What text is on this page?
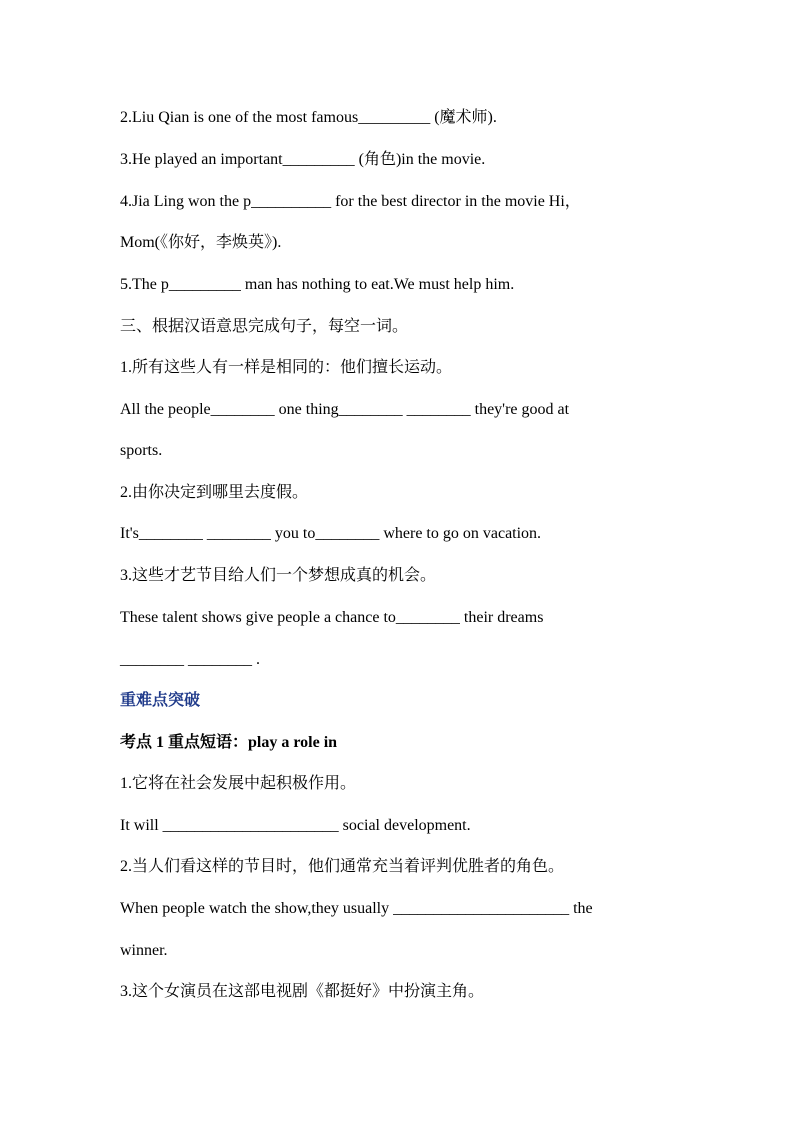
2.Liu Qian is one of the most famous_________ (魔术师).
3.He played an important_________ (角色)in the movie.
4.Jia Ling won the p__________ for the best director in the movie Hi，
Mom(《你好，李焕英》).
5.The p_________ man has nothing to eat.We must help him.
三、根据汉语意思完成句子，每空一词。
1.所有这些人有一样是相同的：他们擅长运动。
All the people________ one thing________ ________ they're good at
sports.
2.由你决定到哪里去度假。
It's________ ________ you to________ where to go on vacation.
3.这些才艺节目给人们一个梦想成真的机会。
These talent shows give people a chance to________ their dreams
________ ________ .
重难点突破
考点 1 重点短语：play a role in
1.它将在社会发展中起积极作用。
It will ______________________ social development.
2.当人们看这样的节目时，他们通常充当着评判优胜者的角色。
When people watch the show,they usually ______________________ the
winner.
3.这个女演员在这部电视剧《都挺好》中扮演主角。
